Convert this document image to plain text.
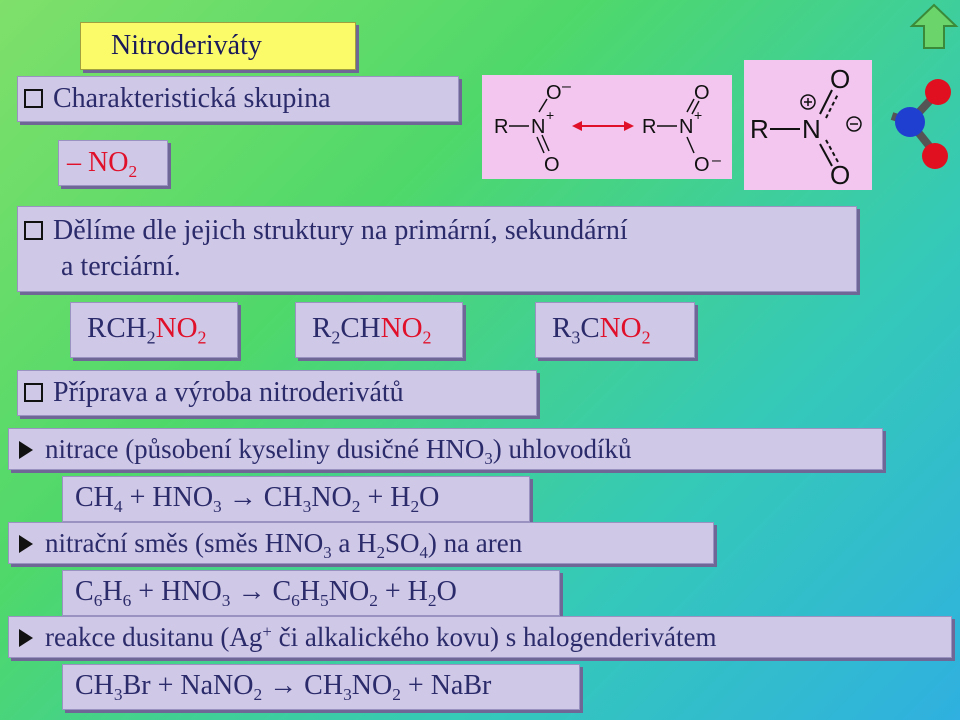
Nitroderiváty
Charakteristická skupina
– $NO_2$
R N
+
O –
O
R N
+
O
O –
R N
O
O
Dělíme dle jejich struktury na primární, sekundární
a terciární.
$RCH_2NO_2$	$R_2CHNO_2$	$R_3CNO_2$
Příprava a výroba nitroderivátů
nitrace (působení kyseliny dusičné $HNO_3$) uhlovodíků
$CH_4 + HNO_3 \to CH_3NO_2 + H_2O$
nitrační směs (směs $HNO_3$ a $H_2SO_4$) na aren
$C_6H_6 + HNO_3 \to C_6H_5NO_2 + H_2O$
reakce dusitanu (Ag+ či alkalického kovu) s halogenderivátem
$CH_3Br$ + NaNO$_2$ → $CH_3NO_2$ + NaBr
